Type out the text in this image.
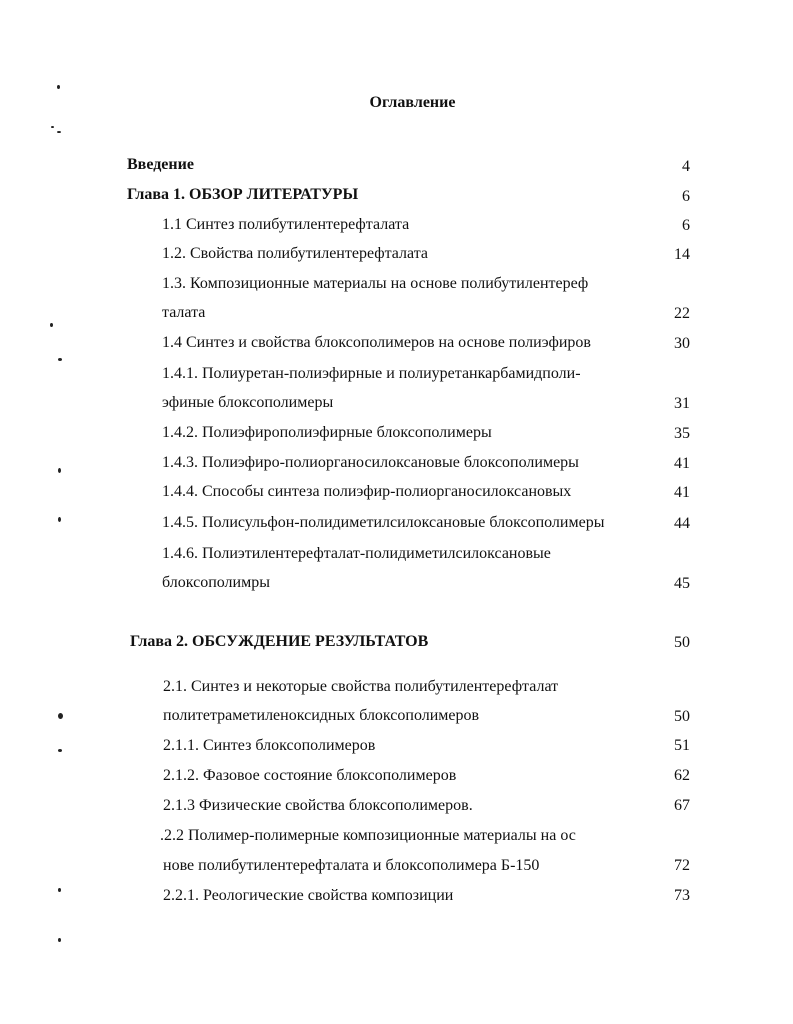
Оглавление
Введение	4
Глава 1. ОБЗОР ЛИТЕРАТУРЫ	6
1.1 Синтез полибутилентерефталата	6
1.2. Свойства полибутилентерефталата	14
1.3. Композиционные материалы на основе полибутилентереф
талата	22
1.4 Синтез и свойства блоксополимеров на основе полиэфиров	30
1.4.1. Полиуретан-полиэфирные и полиуретанкарбамидполи-
эфиные блоксополимеры	31
1.4.2. Полиэфирополиэфирные блоксополимеры	35
1.4.3. Полиэфиро-полиорганосилоксановые блоксополимеры	41
1.4.4. Способы синтеза полиэфир-полиорганосилоксановых	41
1.4.5. Полисульфон-полидиметилсилоксановые блоксополимеры	44
1.4.6. Полиэтилентерефталат-полидиметилсилоксановые
блоксополимры	45
Глава 2. ОБСУЖДЕНИЕ РЕЗУЛЬТАТОВ	50
2.1. Синтез и некоторые свойства полибутилентерефталат
политетраметиленоксидных блоксополимеров	50
2.1.1. Синтез блоксополимеров	51
2.1.2. Фазовое состояние блоксополимеров	62
2.1.3 Физические свойства блоксополимеров.	67
.2.2 Полимер-полимерные композиционные материалы на ос
нове полибутилентерефталата и блоксополимера Б-150	72
2.2.1. Реологические свойства композиции	73
